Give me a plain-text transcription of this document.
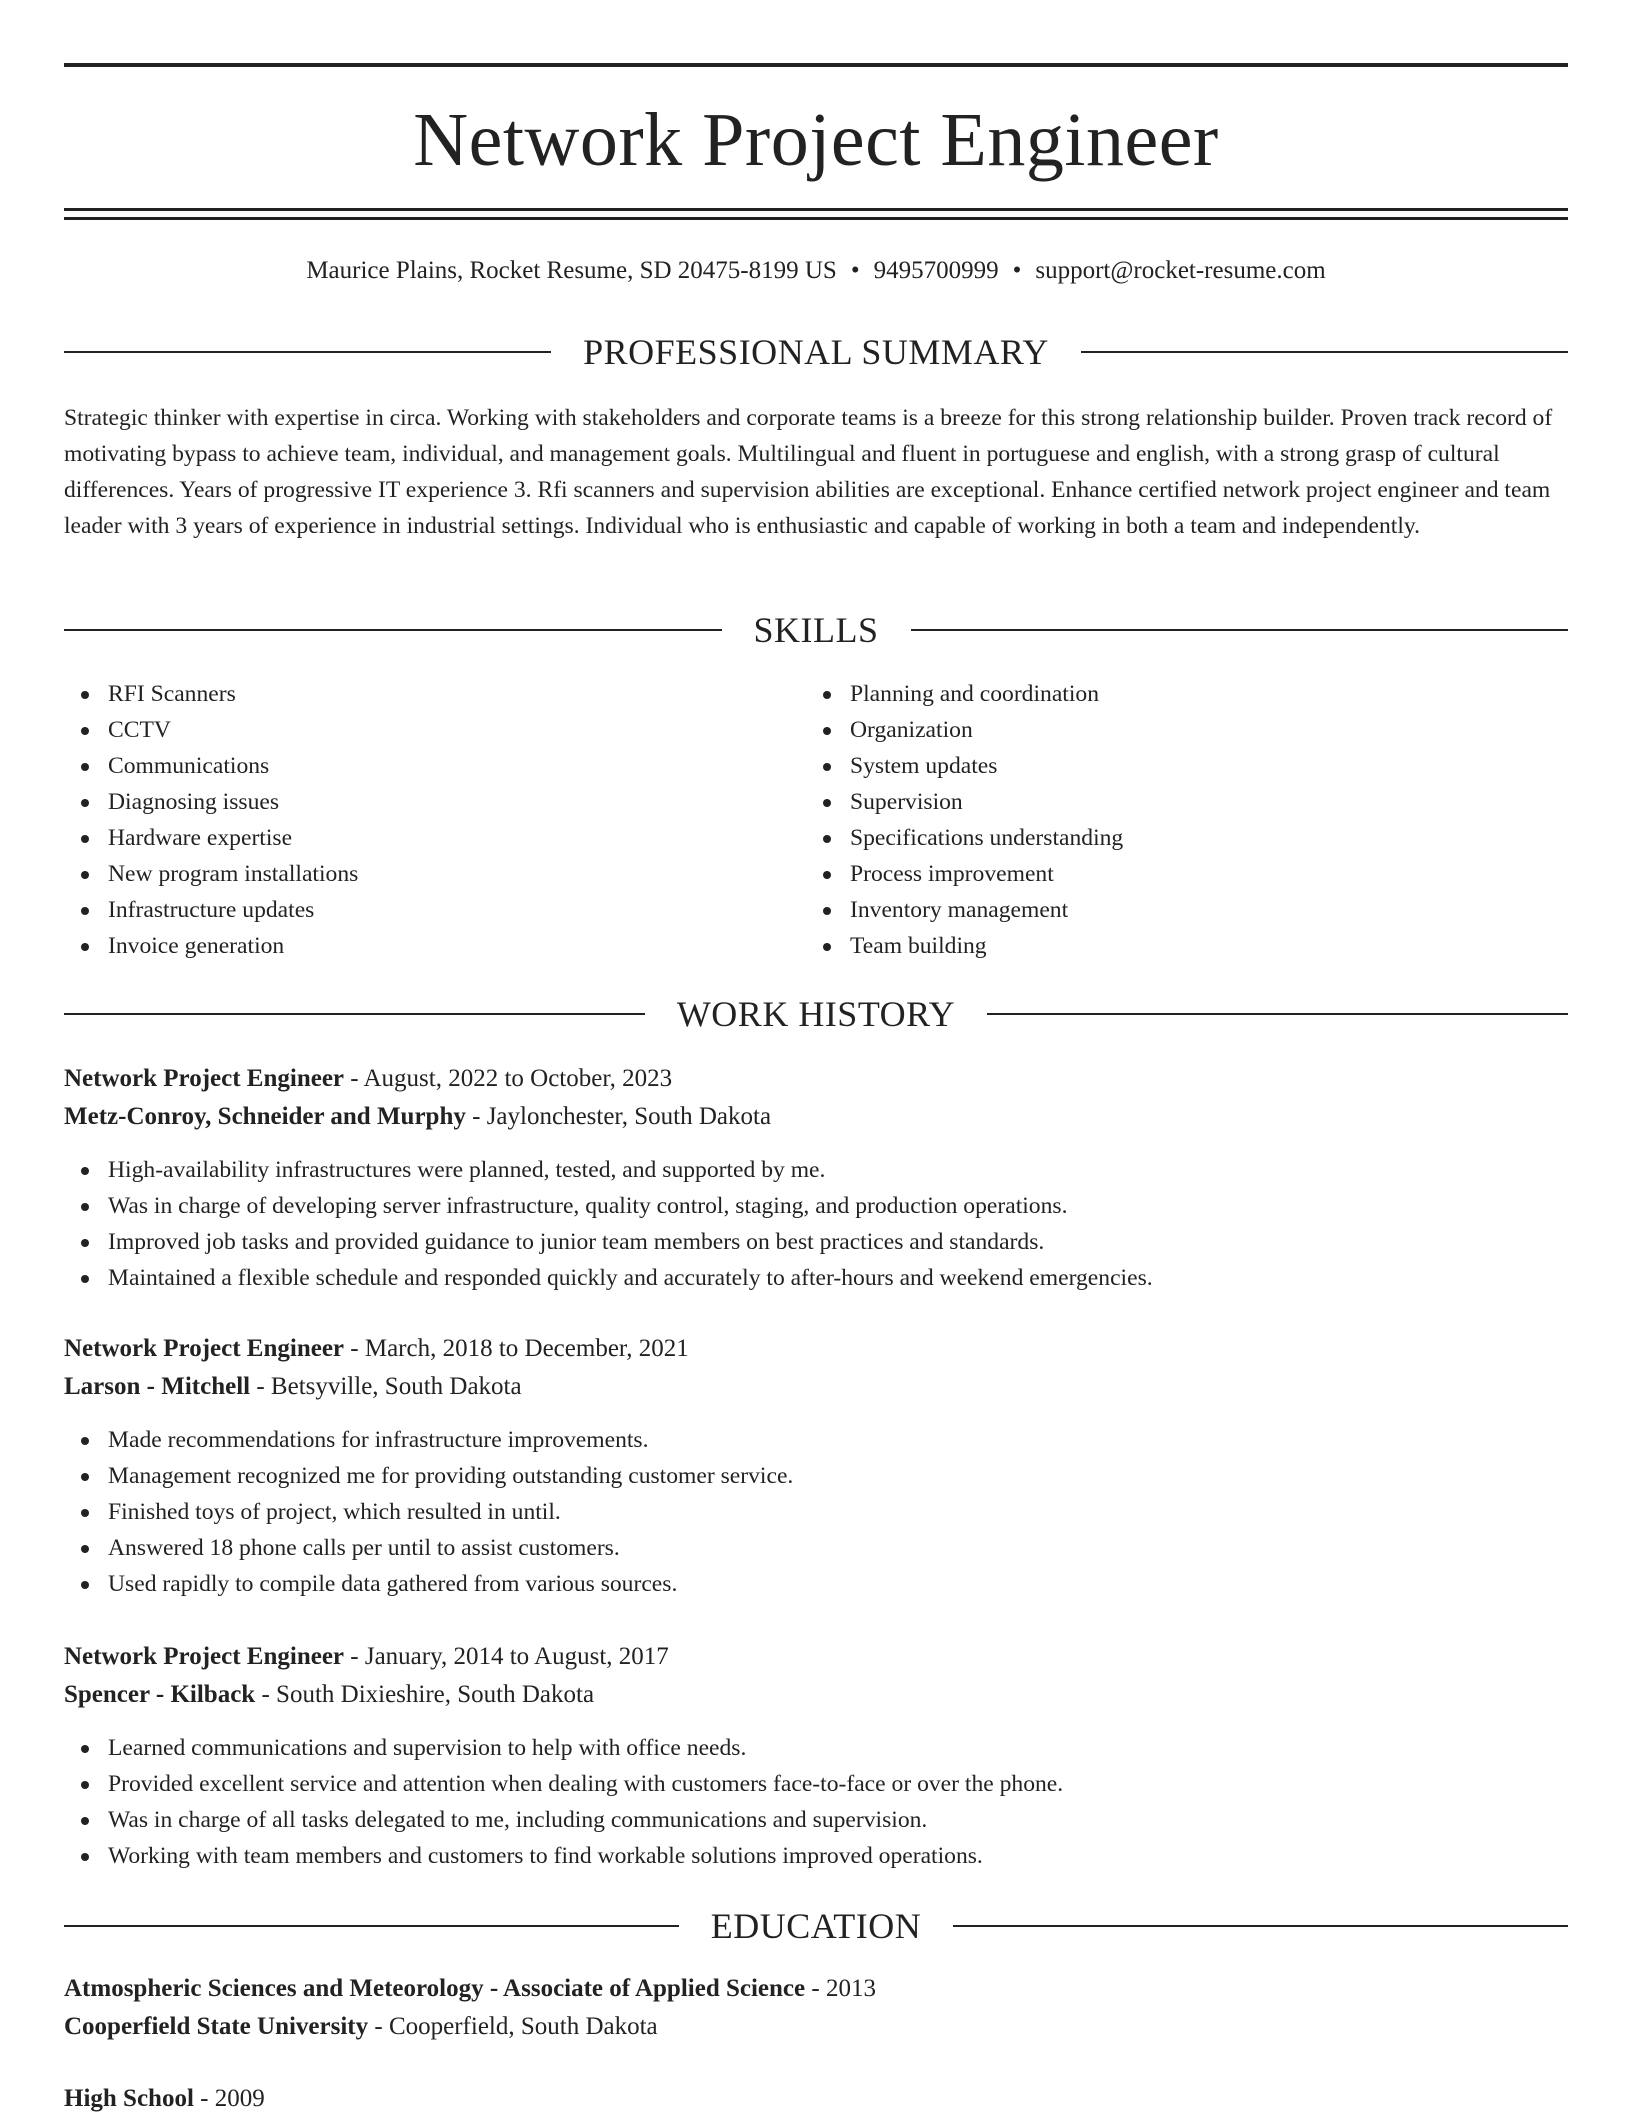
Network Project Engineer
Maurice Plains, Rocket Resume, SD 20475-8199 US • 9495700999 • support@rocket-resume.com
PROFESSIONAL SUMMARY

Strategic thinker with expertise in circa. Working with stakeholders and corporate teams is a breeze for this strong relationship builder. Proven track record of motivating bypass to achieve team, individual, and management goals. Multilingual and fluent in portuguese and english, with a strong grasp of cultural differences. Years of progressive IT experience 3. Rfi scanners and supervision abilities are exceptional. Enhance certified network project engineer and team leader with 3 years of experience in industrial settings. Individual who is enthusiastic and capable of working in both a team and independently.

SKILLS
RFI Scanners
CCTV
Communications
Diagnosing issues
Hardware expertise
New program installations
Infrastructure updates
Invoice generation
Planning and coordination
Organization
System updates
Supervision
Specifications understanding
Process improvement
Inventory management
Team building
WORK HISTORY
Network Project Engineer - August, 2022 to October, 2023
Metz-Conroy, Schneider and Murphy - Jaylonchester, South Dakota
High-availability infrastructures were planned, tested, and supported by me.
Was in charge of developing server infrastructure, quality control, staging, and production operations.
Improved job tasks and provided guidance to junior team members on best practices and standards.
Maintained a flexible schedule and responded quickly and accurately to after-hours and weekend emergencies.
Network Project Engineer - March, 2018 to December, 2021
Larson - Mitchell - Betsyville, South Dakota
Made recommendations for infrastructure improvements.
Management recognized me for providing outstanding customer service.
Finished toys of project, which resulted in until.
Answered 18 phone calls per until to assist customers.
Used rapidly to compile data gathered from various sources.
Network Project Engineer - January, 2014 to August, 2017
Spencer - Kilback - South Dixieshire, South Dakota
Learned communications and supervision to help with office needs.
Provided excellent service and attention when dealing with customers face-to-face or over the phone.
Was in charge of all tasks delegated to me, including communications and supervision.
Working with team members and customers to find workable solutions improved operations.
EDUCATION
Atmospheric Sciences and Meteorology - Associate of Applied Science - 2013
Cooperfield State University - Cooperfield, South Dakota
High School - 2009
